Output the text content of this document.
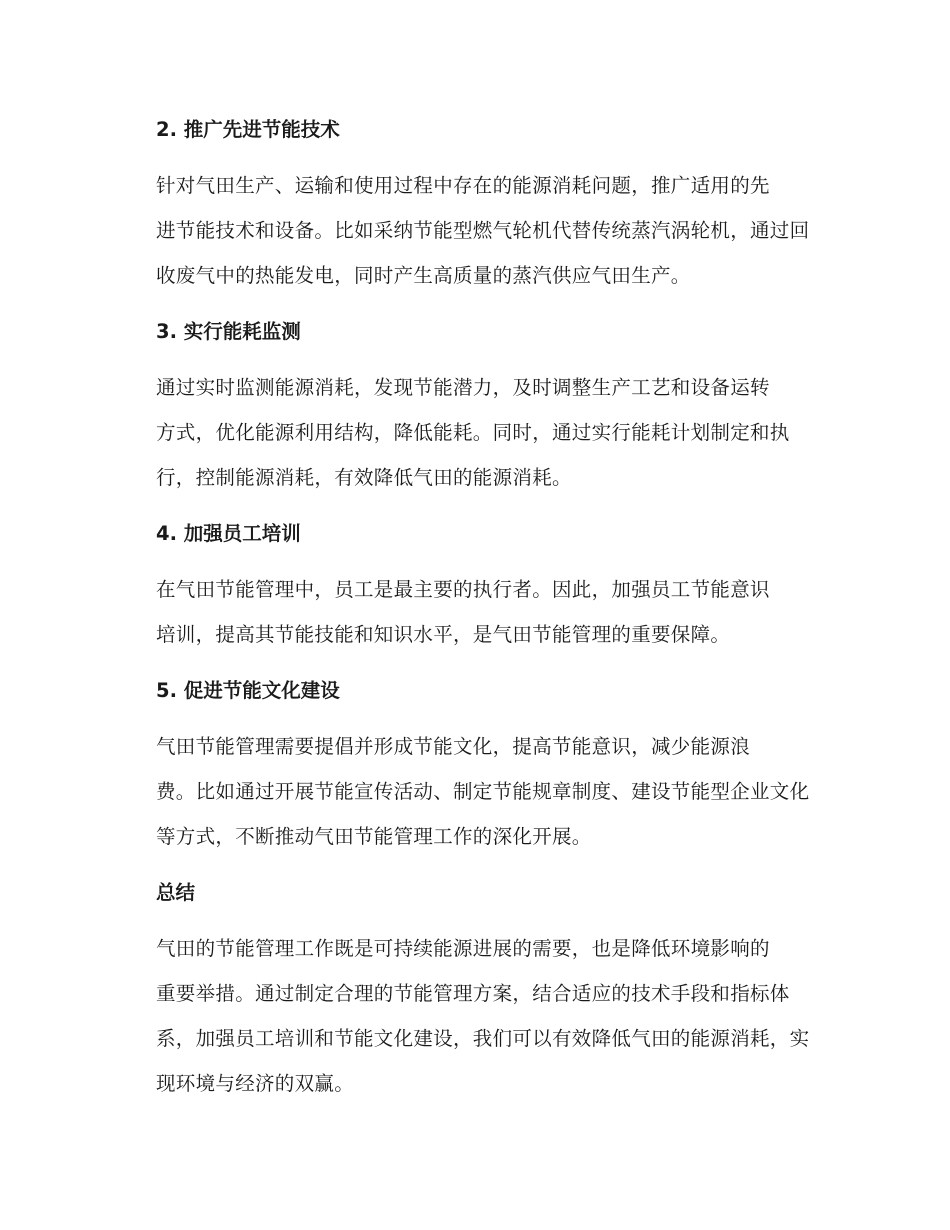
2. 推广先进节能技术

针对气田生产、运输和使用过程中存在的能源消耗问题，推广适用的先
进节能技术和设备。比如采纳节能型燃气轮机代替传统蒸汽涡轮机，通过回
收废气中的热能发电，同时产生高质量的蒸汽供应气田生产。

3. 实行能耗监测

通过实时监测能源消耗，发现节能潜力，及时调整生产工艺和设备运转
方式，优化能源利用结构，降低能耗。同时，通过实行能耗计划制定和执
行，控制能源消耗，有效降低气田的能源消耗。

4. 加强员工培训

在气田节能管理中，员工是最主要的执行者。因此，加强员工节能意识
培训，提高其节能技能和知识水平，是气田节能管理的重要保障。

5. 促进节能文化建设

气田节能管理需要提倡并形成节能文化，提高节能意识，减少能源浪
费。比如通过开展节能宣传活动、制定节能规章制度、建设节能型企业文化
等方式，不断推动气田节能管理工作的深化开展。

总结

气田的节能管理工作既是可持续能源进展的需要，也是降低环境影响的
重要举措。通过制定合理的节能管理方案，结合适应的技术手段和指标体
系，加强员工培训和节能文化建设，我们可以有效降低气田的能源消耗，实
现环境与经济的双赢。
